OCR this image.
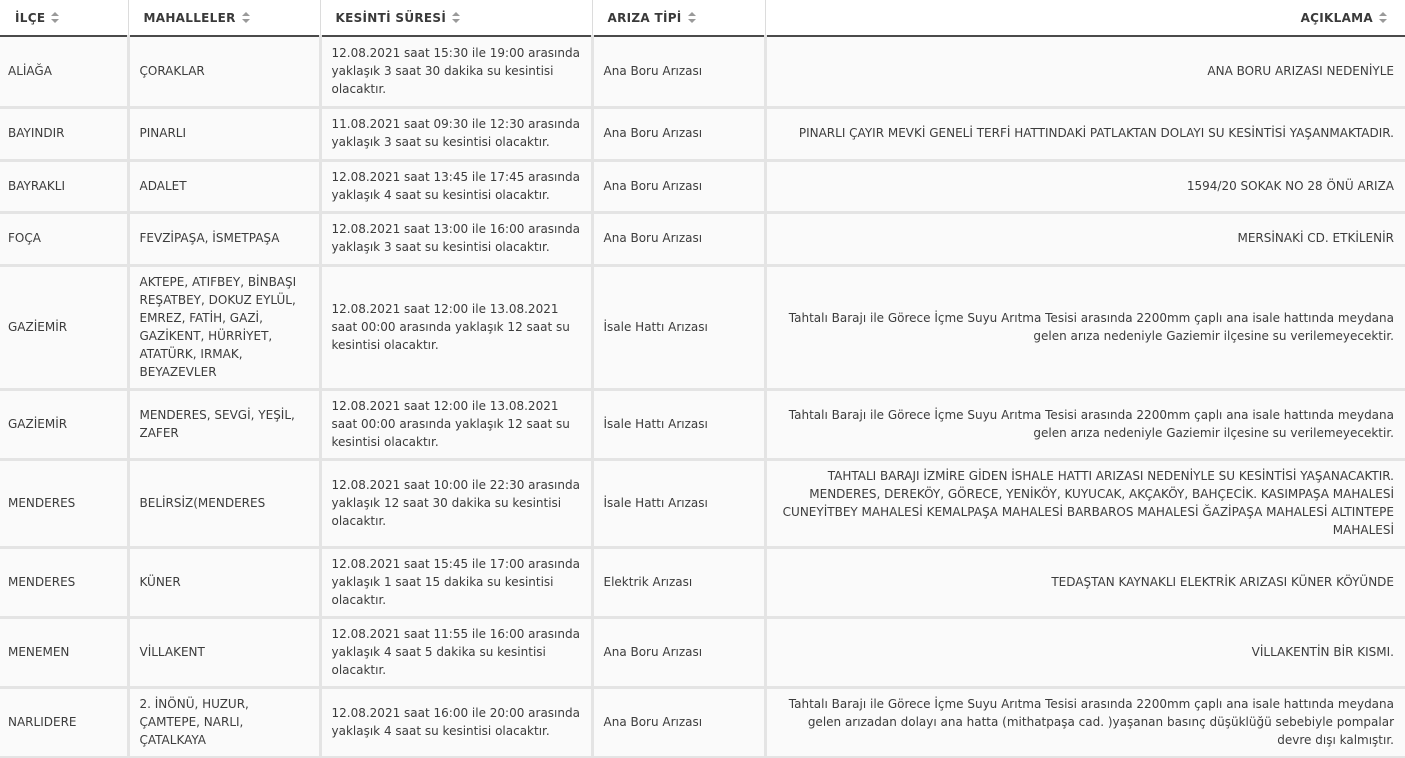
İLÇE	MAHALLELER	KESİNTİ SÜRESİ	ARIZA TİPİ	AÇIKLAMA

ALİAĞA	ÇORAKLAR	12.08.2021 saat 15:30 ile 19:00 arasında yaklaşık 3 saat 30 dakika su kesintisi olacaktır.	Ana Boru Arızası	ANA BORU ARIZASI NEDENİYLE
BAYINDIR	PINARLI	11.08.2021 saat 09:30 ile 12:30 arasında yaklaşık 3 saat su kesintisi olacaktır.	Ana Boru Arızası	PINARLI ÇAYIR MEVKİ GENELİ TERFİ HATTINDAKİ PATLAKTAN DOLAYI SU KESİNTİSİ YAŞANMAKTADIR.
BAYRAKLI	ADALET	12.08.2021 saat 13:45 ile 17:45 arasında yaklaşık 4 saat su kesintisi olacaktır.	Ana Boru Arızası	1594/20 SOKAK NO 28 ÖNÜ ARIZA
FOÇA	FEVZİPAŞA, İSMETPAŞA	12.08.2021 saat 13:00 ile 16:00 arasında yaklaşık 3 saat su kesintisi olacaktır.	Ana Boru Arızası	MERSİNAKİ CD. ETKİLENİR
GAZİEMİR	AKTEPE, ATIFBEY, BİNBAŞI REŞATBEY, DOKUZ EYLÜL, EMREZ, FATİH, GAZİ, GAZİKENT, HÜRRİYET, ATATÜRK, IRMAK, BEYAZEVLER	12.08.2021 saat 12:00 ile 13.08.2021 saat 00:00 arasında yaklaşık 12 saat su kesintisi olacaktır.	İsale Hattı Arızası	Tahtalı Barajı ile Görece İçme Suyu Arıtma Tesisi arasında 2200mm çaplı ana isale hattında meydana gelen arıza nedeniyle Gaziemir ilçesine su verilemeyecektir.
GAZİEMİR	MENDERES, SEVGİ, YEŞİL, ZAFER	12.08.2021 saat 12:00 ile 13.08.2021 saat 00:00 arasında yaklaşık 12 saat su kesintisi olacaktır.	İsale Hattı Arızası	Tahtalı Barajı ile Görece İçme Suyu Arıtma Tesisi arasında 2200mm çaplı ana isale hattında meydana gelen arıza nedeniyle Gaziemir ilçesine su verilemeyecektir.
MENDERES	BELİRSİZ(MENDERES	12.08.2021 saat 10:00 ile 22:30 arasında yaklaşık 12 saat 30 dakika su kesintisi olacaktır.	İsale Hattı Arızası	TAHTALI BARAJI İZMİRE GİDEN İSHALE HATTI ARIZASI NEDENİYLE SU KESİNTİSİ YAŞANACAKTIR. MENDERES, DEREKÖY, GÖRECE, YENİKÖY, KUYUCAK, AKÇAKÖY, BAHÇECİK. KASIMPAŞA MAHALESİ CUNEYİTBEY MAHALESİ KEMALPAŞA MAHALESİ BARBAROS MAHALESİ ĞAZİPAŞA MAHALESİ ALTINTEPE MAHALESİ
MENDERES	KÜNER	12.08.2021 saat 15:45 ile 17:00 arasında yaklaşık 1 saat 15 dakika su kesintisi olacaktır.	Elektrik Arızası	TEDAŞTAN KAYNAKLI ELEKTRİK ARIZASI KÜNER KÖYÜNDE
MENEMEN	VİLLAKENT	12.08.2021 saat 11:55 ile 16:00 arasında yaklaşık 4 saat 5 dakika su kesintisi olacaktır.	Ana Boru Arızası	VİLLAKENTİN BİR KISMI.
NARLIDERE	2. İNÖNÜ, HUZUR, ÇAMTEPE, NARLI, ÇATALKAYA	12.08.2021 saat 16:00 ile 20:00 arasında yaklaşık 4 saat su kesintisi olacaktır.	Ana Boru Arızası	Tahtalı Barajı ile Görece İçme Suyu Arıtma Tesisi arasında 2200mm çaplı ana isale hattında meydana gelen arızadan dolayı ana hatta (mithatpaşa cad. )yaşanan basınç düşüklüğü sebebiyle pompalar devre dışı kalmıştır.
